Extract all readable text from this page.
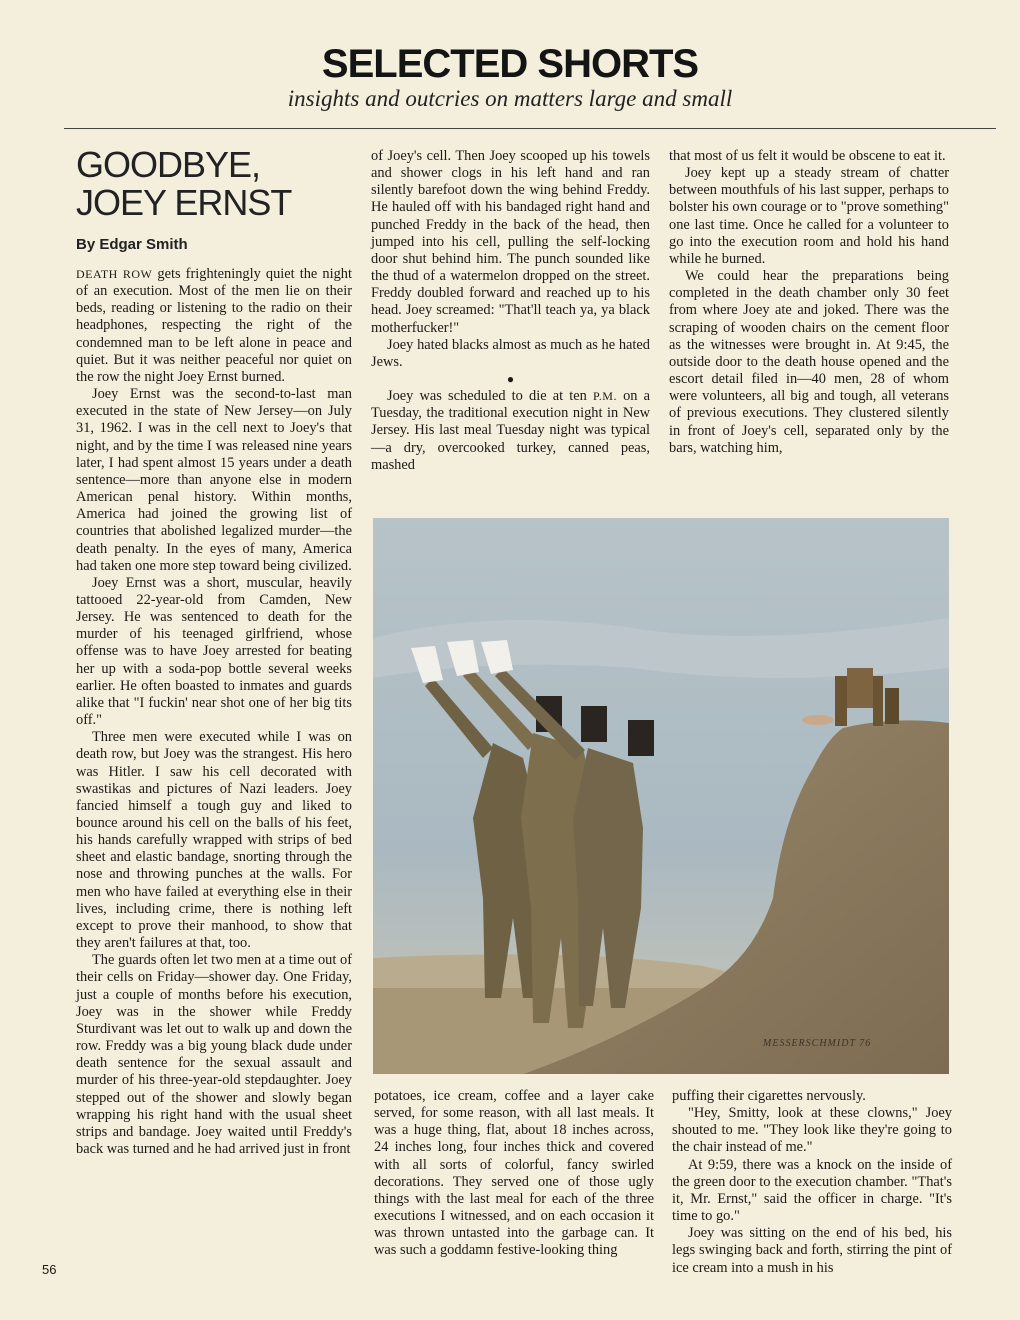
SELECTED SHORTS
insights and outcries on matters large and small
GOODBYE,
JOEY ERNST
By Edgar Smith

DEATH ROW gets frighteningly quiet the night of an execution. Most of the men lie on their beds, reading or listening to the radio on their headphones, respecting the right of the condemned man to be left alone in peace and quiet. But it was neither peaceful nor quiet on the row the night Joey Ernst burned.

Joey Ernst was the second-to-last man executed in the state of New Jersey—on July 31, 1962. I was in the cell next to Joey's that night, and by the time I was released nine years later, I had spent almost 15 years under a death sentence—more than anyone else in modern American penal history. Within months, America had joined the growing list of countries that abolished legalized murder—the death penalty. In the eyes of many, America had taken one more step toward being civilized.

Joey Ernst was a short, muscular, heavily tattooed 22-year-old from Camden, New Jersey. He was sentenced to death for the murder of his teenaged girlfriend, whose offense was to have Joey arrested for beating her up with a soda-pop bottle several weeks earlier. He often boasted to inmates and guards alike that "I fuckin' near shot one of her big tits off."

Three men were executed while I was on death row, but Joey was the strangest. His hero was Hitler. I saw his cell decorated with swastikas and pictures of Nazi leaders. Joey fancied himself a tough guy and liked to bounce around his cell on the balls of his feet, his hands carefully wrapped with strips of bed sheet and elastic bandage, snorting through the nose and throwing punches at the walls. For men who have failed at everything else in their lives, including crime, there is nothing left except to prove their manhood, to show that they aren't failures at that, too.

The guards often let two men at a time out of their cells on Friday—shower day. One Friday, just a couple of months before his execution, Joey was in the shower while Freddy Sturdivant was let out to walk up and down the row. Freddy was a big young black dude under death sentence for the sexual assault and murder of his three-year-old stepdaughter. Joey stepped out of the shower and slowly began wrapping his right hand with the usual sheet strips and bandage. Joey waited until Freddy's back was turned and he had arrived just in front

of Joey's cell. Then Joey scooped up his towels and shower clogs in his left hand and ran silently barefoot down the wing behind Freddy. He hauled off with his bandaged right hand and punched Freddy in the back of the head, then jumped into his cell, pulling the self-locking door shut behind him. The punch sounded like the thud of a watermelon dropped on the street. Freddy doubled forward and reached up to his head. Joey screamed: "That'll teach ya, ya black motherfucker!"

Joey hated blacks almost as much as he hated Jews.

●

Joey was scheduled to die at ten P.M. on a Tuesday, the traditional execution night in New Jersey. His last meal Tuesday night was typical—a dry, overcooked turkey, canned peas, mashed

that most of us felt it would be obscene to eat it.

Joey kept up a steady stream of chatter between mouthfuls of his last supper, perhaps to bolster his own courage or to "prove something" one last time. Once he called for a volunteer to go into the execution room and hold his hand while he burned.

We could hear the preparations being completed in the death chamber only 30 feet from where Joey ate and joked. There was the scraping of wooden chairs on the cement floor as the witnesses were brought in. At 9:45, the outside door to the death house opened and the escort detail filed in—40 men, 28 of whom were volunteers, all big and tough, all veterans of previous executions. They clustered silently in front of Joey's cell, separated only by the bars, watching him,

MESSERSCHMIDT 76

potatoes, ice cream, coffee and a layer cake served, for some reason, with all last meals. It was a huge thing, flat, about 18 inches across, 24 inches long, four inches thick and covered with all sorts of colorful, fancy swirled decorations. They served one of those ugly things with the last meal for each of the three executions I witnessed, and on each occasion it was thrown untasted into the garbage can. It was such a goddamn festive-looking thing

puffing their cigarettes nervously.

"Hey, Smitty, look at these clowns," Joey shouted to me. "They look like they're going to the chair instead of me."

At 9:59, there was a knock on the inside of the green door to the execution chamber. "That's it, Mr. Ernst," said the officer in charge. "It's time to go."

Joey was sitting on the end of his bed, his legs swinging back and forth, stirring the pint of ice cream into a mush in his

56
